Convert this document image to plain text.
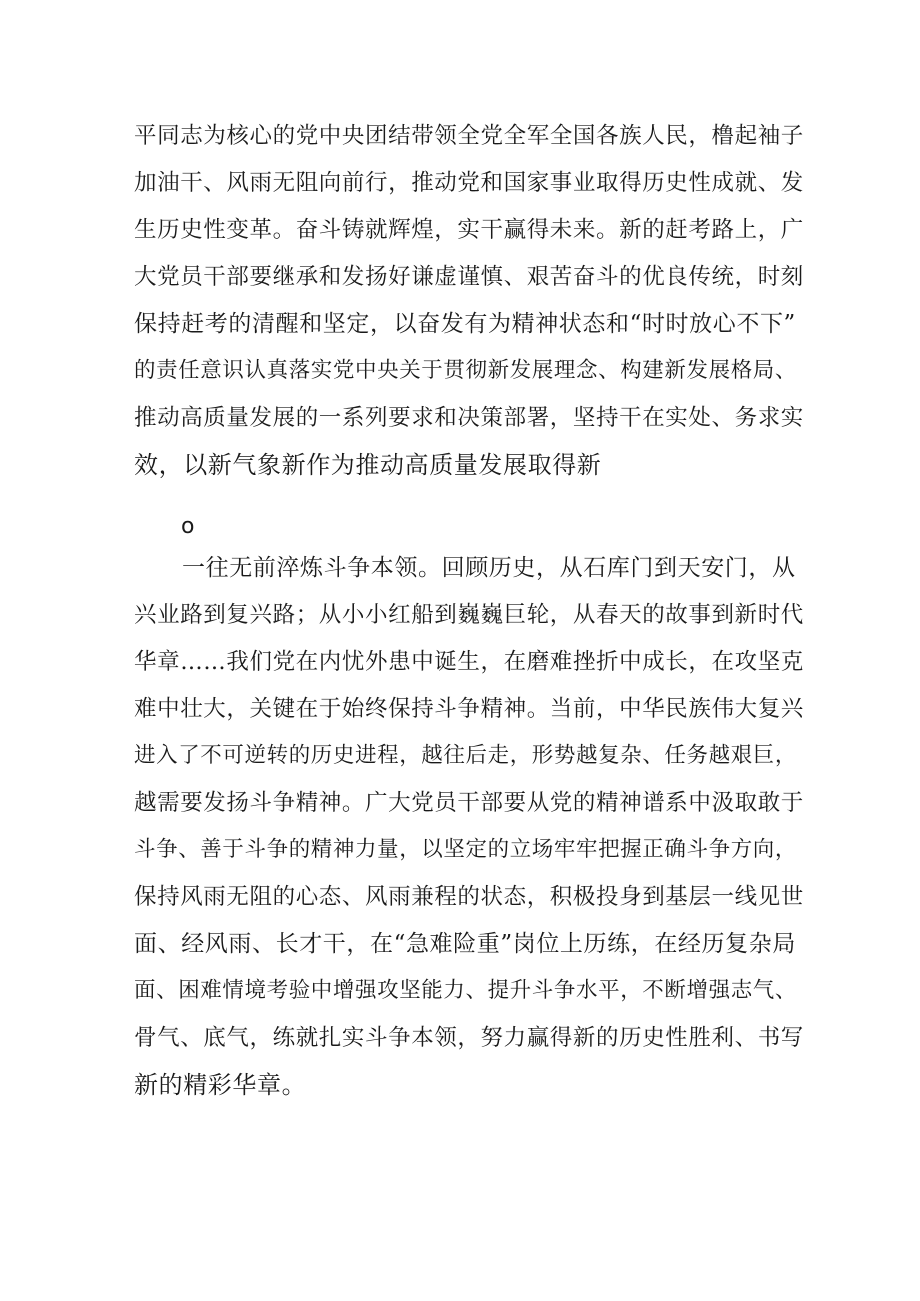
平同志为核心的党中央团结带领全党全军全国各族人民，橹起袖子
加油干、风雨无阻向前行，推动党和国家事业取得历史性成就、发
生历史性变革。奋斗铸就辉煌，实干赢得未来。新的赶考路上，广
大党员干部要继承和发扬好谦虚谨慎、艰苦奋斗的优良传统，时刻
保持赶考的清醒和坚定，以奋发有为精神状态和“时时放心不下”
的责任意识认真落实党中央关于贯彻新发展理念、构建新发展格局、
推动高质量发展的一系列要求和决策部署，坚持干在实处、务求实
效，以新气象新作为推动高质量发展取得新
o
一往无前淬炼斗争本领。回顾历史，从石库门到天安门，从
兴业路到复兴路；从小小红船到巍巍巨轮，从春天的故事到新时代
华章……我们党在内忧外患中诞生，在磨难挫折中成长，在攻坚克
难中壮大，关键在于始终保持斗争精神。当前，中华民族伟大复兴
进入了不可逆转的历史进程，越往后走，形势越复杂、任务越艰巨，
越需要发扬斗争精神。广大党员干部要从党的精神谱系中汲取敢于
斗争、善于斗争的精神力量，以坚定的立场牢牢把握正确斗争方向，
保持风雨无阻的心态、风雨兼程的状态，积极投身到基层一线见世
面、经风雨、长才干，在“急难险重”岗位上历练，在经历复杂局
面、困难情境考验中增强攻坚能力、提升斗争水平，不断增强志气、
骨气、底气，练就扎实斗争本领，努力赢得新的历史性胜利、书写
新的精彩华章。
